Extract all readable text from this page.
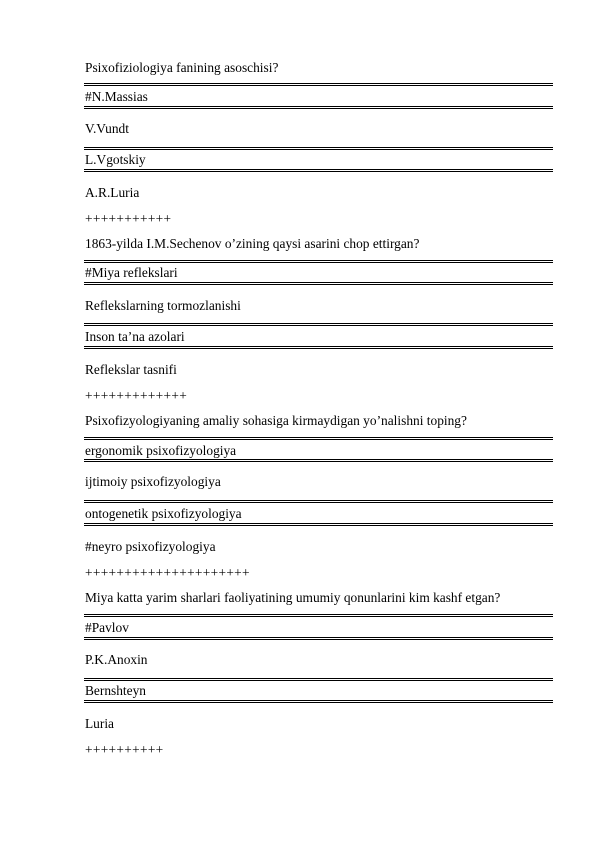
Psixofiziologiya fanining asoschisi?
#N.Massias
V.Vundt
L.Vgotskiy
A.R.Luria
+++++++++++
1863-yilda I.M.Sechenov o’zining qaysi asarini chop ettirgan?
#Miya reflekslari
Reflekslarning tormozlanishi
Inson ta’na azolari
Reflekslar tasnifi
+++++++++++++
Psixofizyologiyaning amaliy sohasiga kirmaydigan yo’nalishni toping?
ergonomik psixofizyologiya
ijtimoiy psixofizyologiya
ontogenetik psixofizyologiya
#neyro psixofizyologiya
+++++++++++++++++++++
Miya katta yarim sharlari faoliyatining umumiy qonunlarini kim kashf etgan?
#Pavlov
P.K.Anoxin
Bernshteyn
Luria
++++++++++
